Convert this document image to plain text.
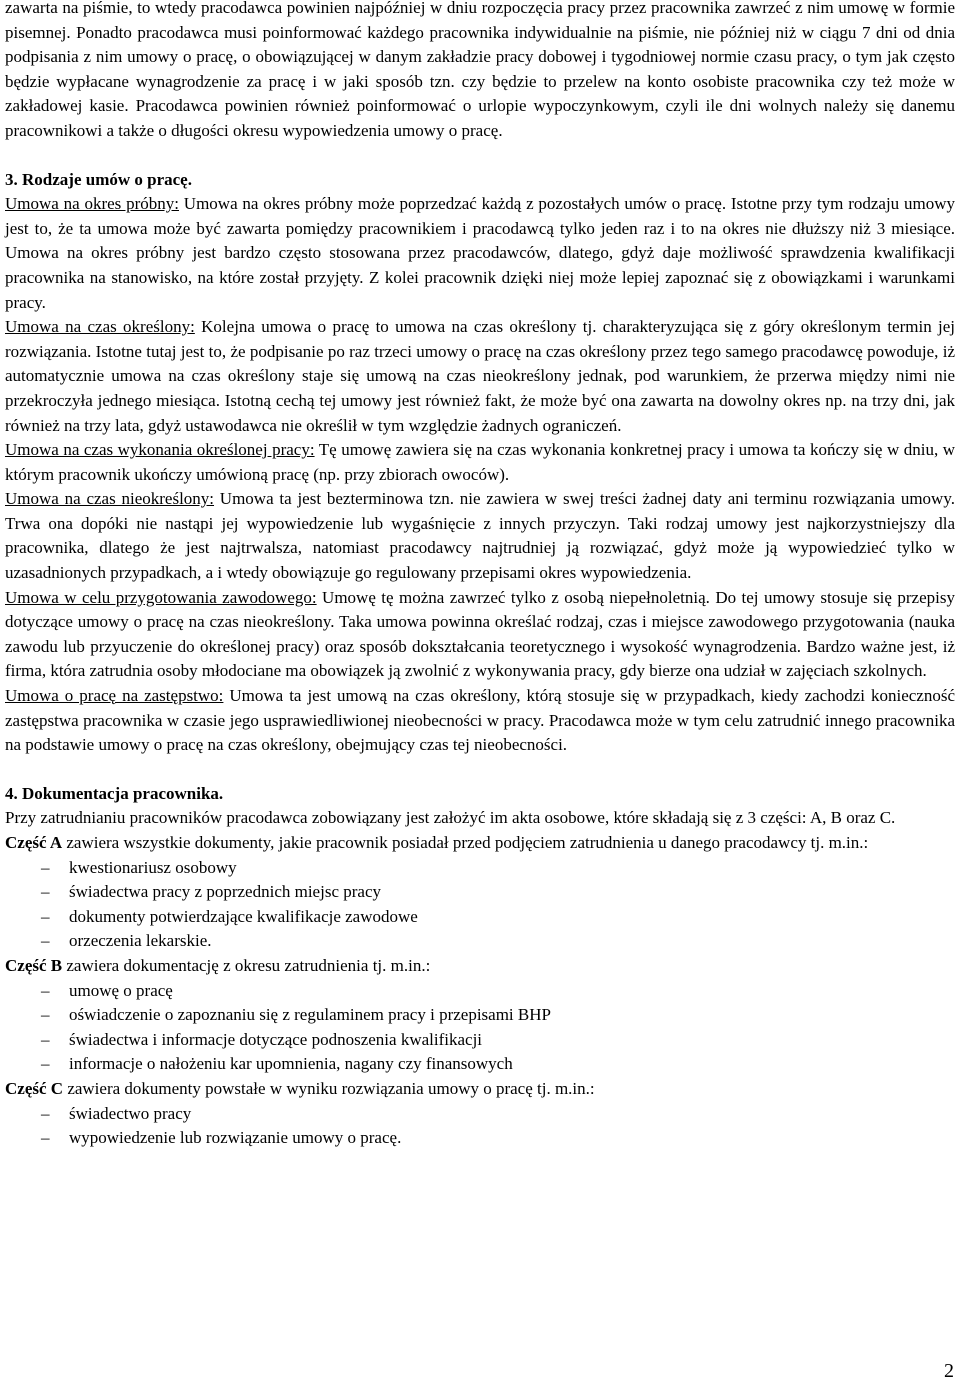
zawarta na piśmie, to wtedy pracodawca powinien najpóźniej w dniu rozpoczęcia pracy przez pracownika zawrzeć z nim umowę w formie pisemnej. Ponadto pracodawca musi poinformować każdego pracownika indywidualnie na piśmie, nie później niż w ciągu 7 dni od dnia podpisania z nim umowy o pracę, o obowiązującej w danym zakładzie pracy dobowej i tygodniowej normie czasu pracy, o tym jak często będzie wypłacane wynagrodzenie za pracę i w jaki sposób tzn. czy będzie to przelew na konto osobiste pracownika czy też może w zakładowej kasie. Pracodawca powinien również poinformować o urlopie wypoczynkowym, czyli ile dni wolnych należy się danemu pracownikowi a także o długości okresu wypowiedzenia umowy o pracę.

3. Rodzaje umów o pracę.

Umowa na okres próbny: Umowa na okres próbny może poprzedzać każdą z pozostałych umów o pracę. Istotne przy tym rodzaju umowy jest to, że ta umowa może być zawarta pomiędzy pracownikiem i pracodawcą tylko jeden raz i to na okres nie dłuższy niż 3 miesiące. Umowa na okres próbny jest bardzo często stosowana przez pracodawców, dlatego, gdyż daje możliwość sprawdzenia kwalifikacji pracownika na stanowisko, na które został przyjęty. Z kolei pracownik dzięki niej może lepiej zapoznać się z obowiązkami i warunkami pracy.

Umowa na czas określony: Kolejna umowa o pracę to umowa na czas określony tj. charakteryzująca się z góry określonym termin jej rozwiązania. Istotne tutaj jest to, że podpisanie po raz trzeci umowy o pracę na czas określony przez tego samego pracodawcę powoduje, iż automatycznie umowa na czas określony staje się umową na czas nieokreślony jednak, pod warunkiem, że przerwa między nimi nie przekroczyła jednego miesiąca. Istotną cechą tej umowy jest również fakt, że może być ona zawarta na dowolny okres np. na trzy dni, jak również na trzy lata, gdyż ustawodawca nie określił w tym względzie żadnych ograniczeń.

Umowa na czas wykonania określonej pracy: Tę umowę zawiera się na czas wykonania konkretnej pracy i umowa ta kończy się w dniu, w którym pracownik ukończy umówioną pracę (np. przy zbiorach owoców).

Umowa na czas nieokreślony: Umowa ta jest bezterminowa tzn. nie zawiera w swej treści żadnej daty ani terminu rozwiązania umowy. Trwa ona dopóki nie nastąpi jej wypowiedzenie lub wygaśnięcie z innych przyczyn. Taki rodzaj umowy jest najkorzystniejszy dla pracownika, dlatego że jest najtrwalsza, natomiast pracodawcy najtrudniej ją rozwiązać, gdyż może ją wypowiedzieć tylko w uzasadnionych przypadkach, a i wtedy obowiązuje go regulowany przepisami okres wypowiedzenia.

Umowa w celu przygotowania zawodowego: Umowę tę można zawrzeć tylko z osobą niepełnoletnią. Do tej umowy stosuje się przepisy dotyczące umowy o pracę na czas nieokreślony. Taka umowa powinna określać rodzaj, czas i miejsce zawodowego przygotowania (nauka zawodu lub przyuczenie do określonej pracy) oraz sposób dokształcania teoretycznego i wysokość wynagrodzenia. Bardzo ważne jest, iż firma, która zatrudnia osoby młodociane ma obowiązek ją zwolnić z wykonywania pracy, gdy bierze ona udział w zajęciach szkolnych.

Umowa o pracę na zastępstwo: Umowa ta jest umową na czas określony, którą stosuje się w przypadkach, kiedy zachodzi konieczność zastępstwa pracownika w czasie jego usprawiedliwionej nieobecności w pracy. Pracodawca może w tym celu zatrudnić innego pracownika na podstawie umowy o pracę na czas określony, obejmujący czas tej nieobecności.

4. Dokumentacja pracownika.

Przy zatrudnianiu pracowników pracodawca zobowiązany jest założyć im akta osobowe, które składają się z 3 części: A, B oraz C.

Część A zawiera wszystkie dokumenty, jakie pracownik posiadał przed podjęciem zatrudnienia u danego pracodawcy tj. m.in.:

– kwestionariusz osobowy
– świadectwa pracy z poprzednich miejsc pracy
– dokumenty potwierdzające kwalifikacje zawodowe
– orzeczenia lekarskie.

Część B zawiera dokumentację z okresu zatrudnienia tj. m.in.:

– umowę o pracę
– oświadczenie o zapoznaniu się z regulaminem pracy i przepisami BHP
– świadectwa i informacje dotyczące podnoszenia kwalifikacji
– informacje o nałożeniu kar upomnienia, nagany czy finansowych

Część C zawiera dokumenty powstałe w wyniku rozwiązania umowy o pracę tj. m.in.:

– świadectwo pracy
– wypowiedzenie lub rozwiązanie umowy o pracę.
2
